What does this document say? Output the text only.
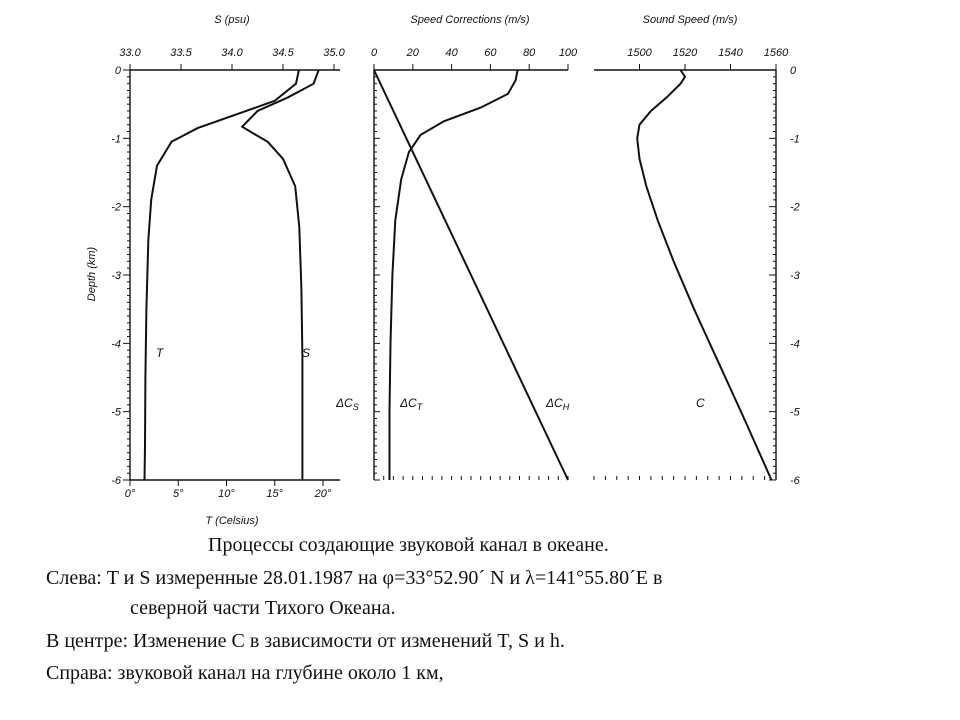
S (psu)
33.0	33.5	34.0	34.5	35.0
0°	5°	10°	15°	20°
0
-1
-2
-3
-4
-5
-6
T (Celsius)
Depth (km)
T	S
Speed Corrections (m/s)
0	20 40 60 80 100
$\Delta C_S$	$\Delta C_T$	$\Delta C_H$
Sound Speed (m/s)
1500 1520 1540 1560
0
-1
-2
-3
-4
-5
-6
C
Процессы создающие звуковой канал в океане.
Слева: T и S измеренные 28.01.1987 на φ=33°52.90´ N и λ=141°55.80´E в
северной части Тихого Океана.
В центре: Изменение C в зависимости от изменений T, S и h.
Справа: звуковой канал на глубине около 1 км,
